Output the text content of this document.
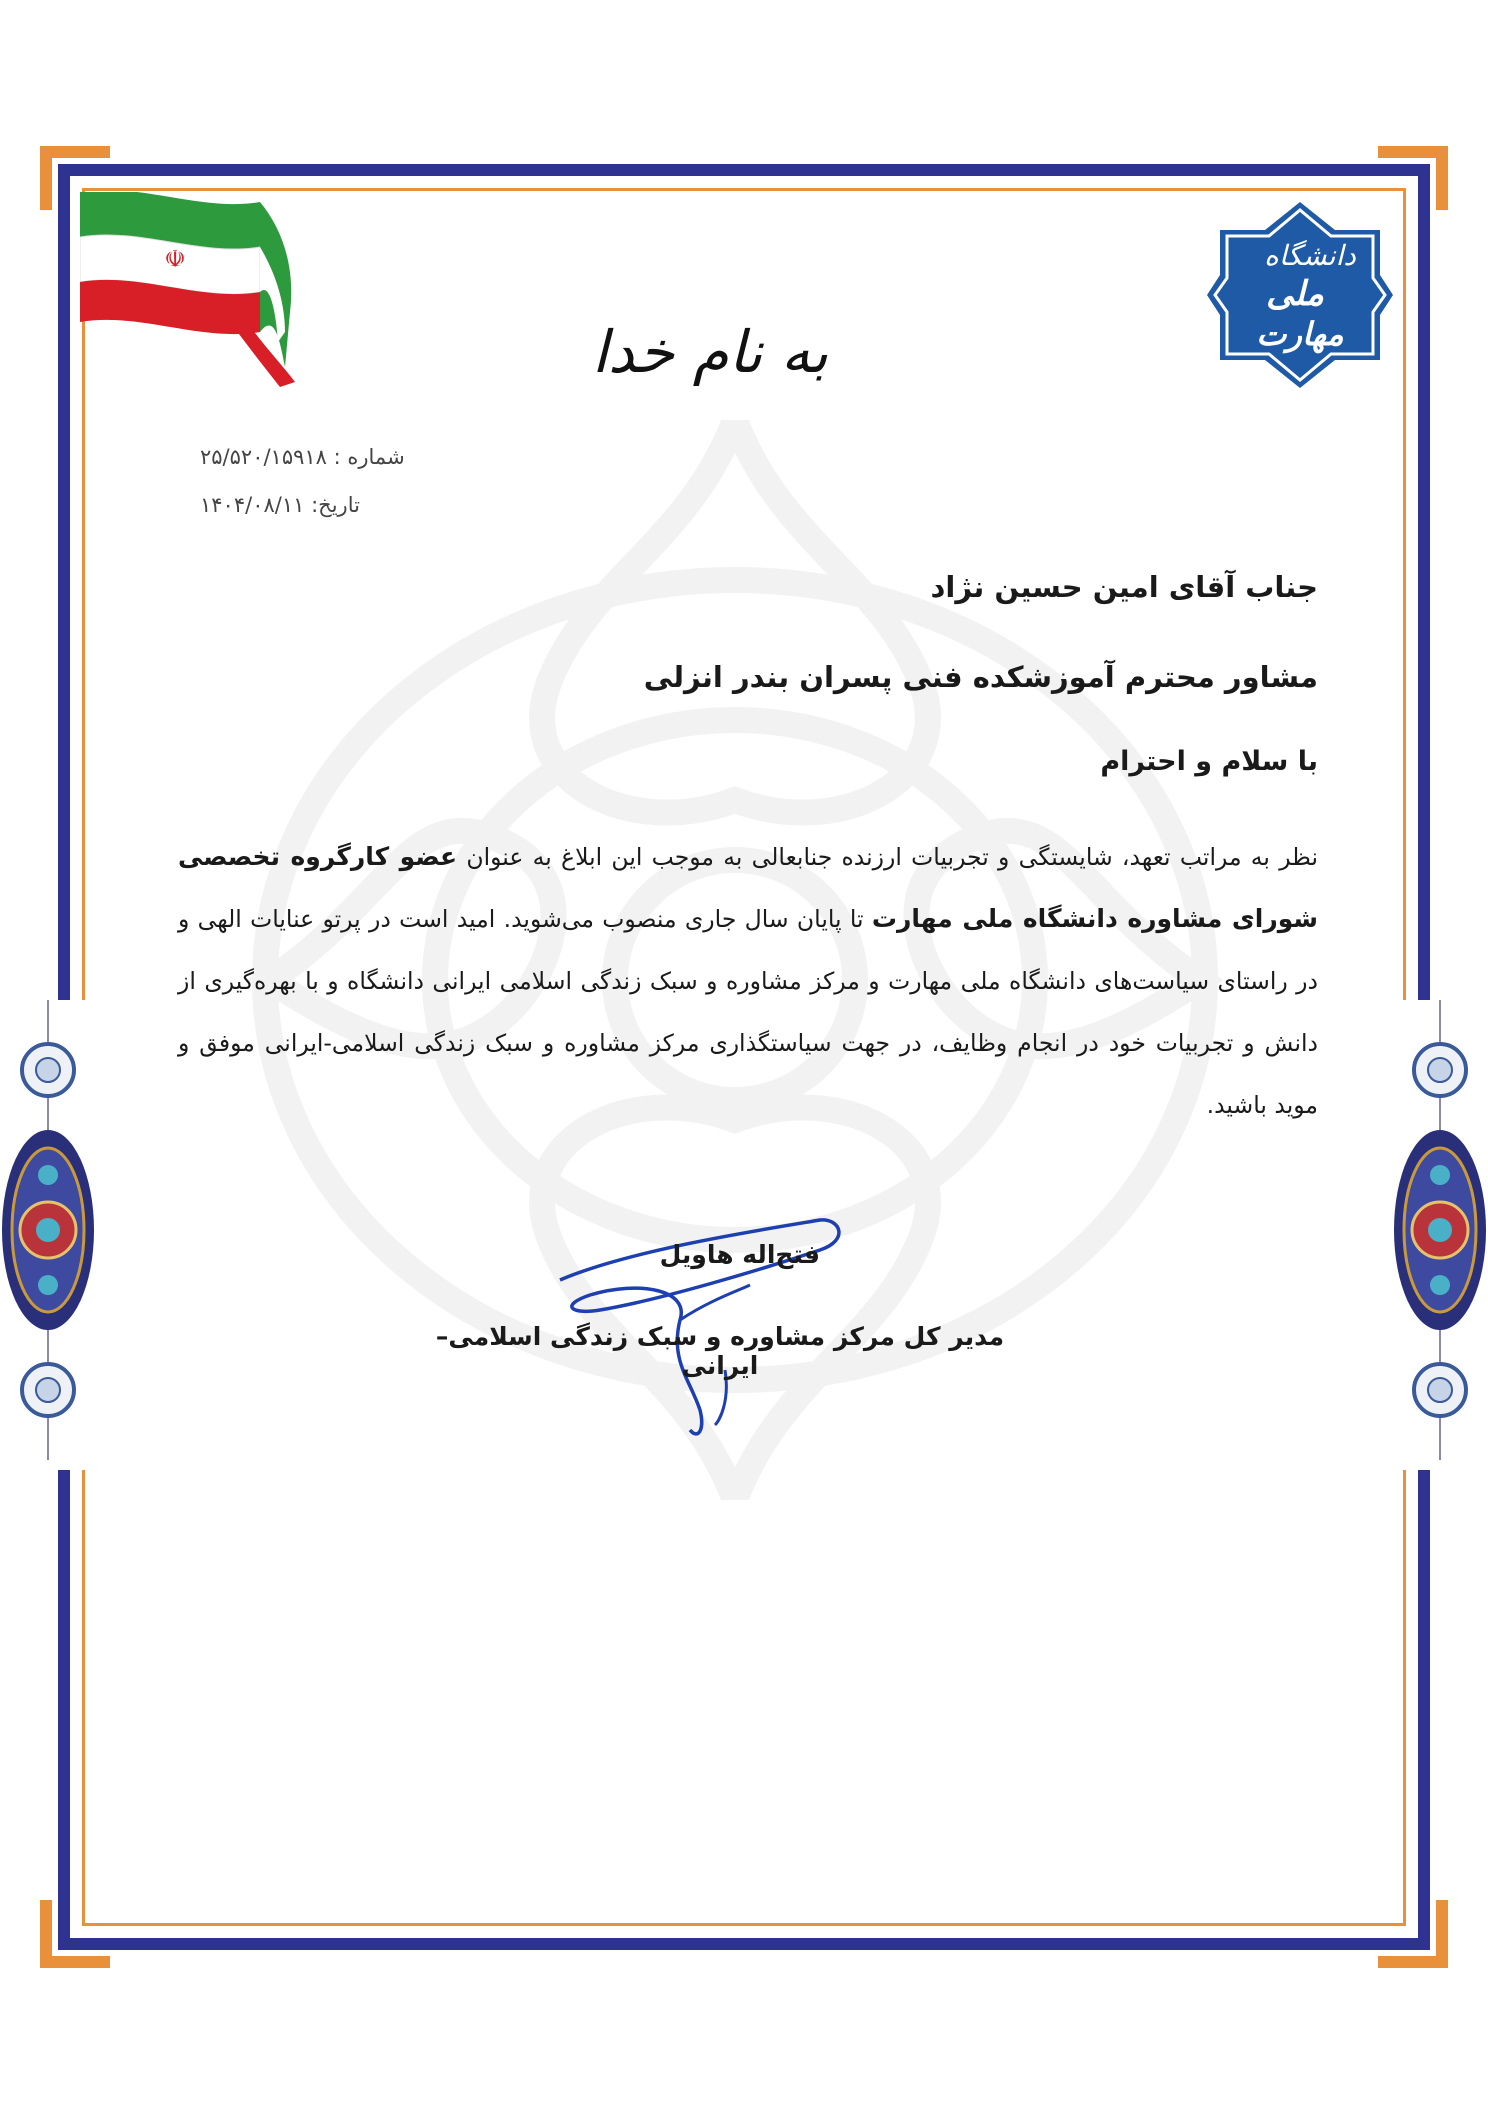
☫	دانشگاه
ملی
مهارت
به نام خدا
شماره : ۲۵/۵۲۰/۱۵۹۱۸
تاریخ: ۱۴۰۴/۰۸/۱۱
جناب آقای امین حسین نژاد
مشاور محترم آموزشکده فنی پسران بندر انزلی
با سلام و احترام
نظر به مراتب تعهد، شایستگی و تجربیات ارزنده جنابعالی به موجب این ابلاغ به عنوان عضو کارگروه تخصصی شورای مشاوره دانشگاه ملی مهارت تا پایان سال جاری منصوب می‌شوید. امید است در پرتو عنایات الهی و در راستای سیاست‌های دانشگاه ملی مهارت و مرکز مشاوره و سبک زندگی اسلامی ایرانی دانشگاه و با بهره‌گیری از دانش و تجربیات خود در انجام وظایف، در جهت سیاستگذاری مرکز مشاوره و سبک زندگی اسلامی-ایرانی موفق و موید باشید.
فتح‌اله هاویل
مدیر کل مرکز مشاوره و سبک زندگی اسلامی– ایرانی
